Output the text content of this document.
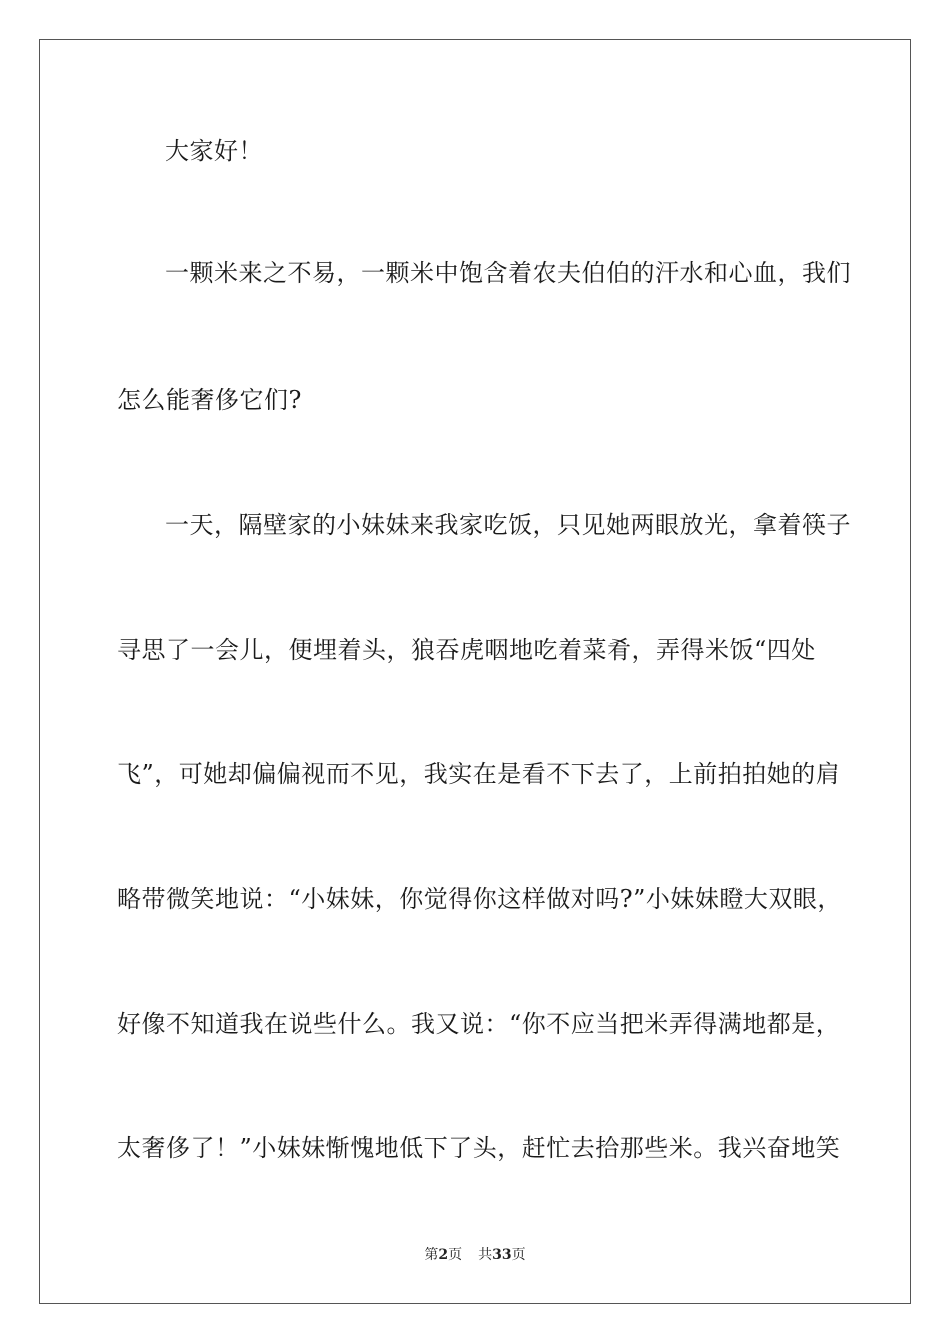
大家好！
一颗米来之不易，一颗米中饱含着农夫伯伯的汗水和心血，我们
怎么能奢侈它们?
一天，隔壁家的小妹妹来我家吃饭，只见她两眼放光，拿着筷子
寻思了一会儿，便埋着头，狼吞虎咽地吃着菜肴，弄得米饭“四处
飞”，可她却偏偏视而不见，我实在是看不下去了，上前拍拍她的肩
略带微笑地说：“小妹妹，你觉得你这样做对吗?”小妹妹瞪大双眼，
好像不知道我在说些什么。我又说：“你不应当把米弄得满地都是，
太奢侈了！”小妹妹惭愧地低下了头，赶忙去拾那些米。我兴奋地笑
第2页 共33页
